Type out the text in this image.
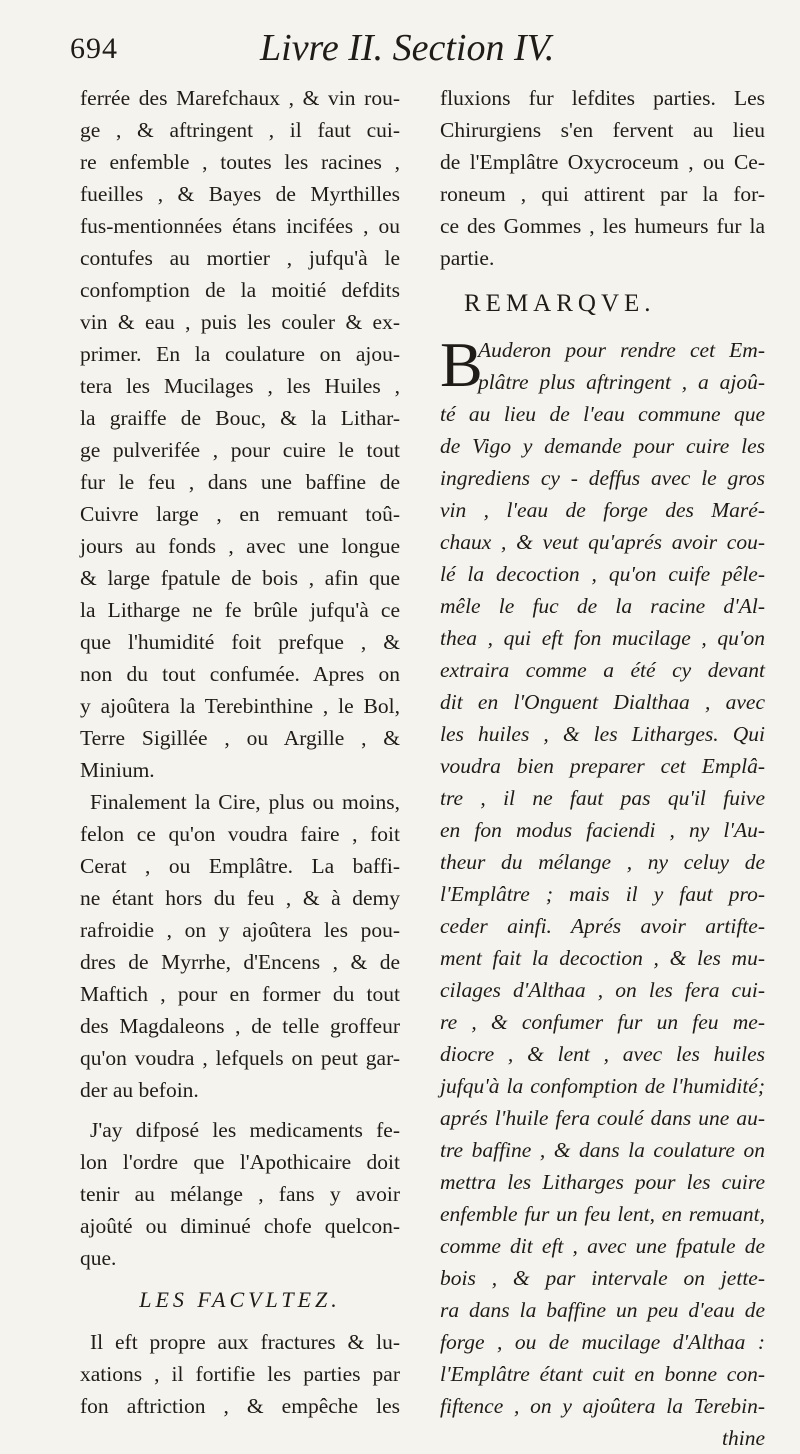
694	Livre II. Section IV.
ferrée des Marefchaux , & vin rou-
ge , & aftringent , il faut cui-
re enfemble , toutes les racines ,
fueilles , & Bayes de Myrthilles
fus-mentionnées étans incifées , ou
contufes au mortier , jufqu'à le
confomption de la moitié defdits
vin & eau , puis les couler & ex-
primer. En la coulature on ajou-
tera les Mucilages , les Huiles ,
la graiffe de Bouc, & la Lithar-
ge pulverifée , pour cuire le tout
fur le feu , dans une baffine de
Cuivre large , en remuant toû-
jours au fonds , avec une longue
& large fpatule de bois , afin que
la Litharge ne fe brûle jufqu'à ce
que l'humidité foit prefque , &
non du tout confumée. Apres on
y ajoûtera la Terebinthine , le Bol,
Terre Sigillée , ou Argille , &
Minium.
Finalement la Cire, plus ou moins,
felon ce qu'on voudra faire , foit
Cerat , ou Emplâtre. La baffi-
ne étant hors du feu , & à demy
rafroidie , on y ajoûtera les pou-
dres de Myrrhe, d'Encens , & de
Maftich , pour en former du tout
des Magdaleons , de telle groffeur
qu'on voudra , lefquels on peut gar-
der au befoin.
J'ay difposé les medicaments fe-
lon l'ordre que l'Apothicaire doit
tenir au mélange , fans y avoir
ajoûté ou diminué chofe quelcon-
que.
LES FACVLTEZ.
Il eft propre aux fractures & lu-
xations , il fortifie les parties par
fon aftriction , & empêche les
fluxions fur lefdites parties. Les
Chirurgiens s'en fervent au lieu
de l'Emplâtre Oxycroceum , ou Ce-
roneum , qui attirent par la for-
ce des Gommes , les humeurs fur la
partie.
REMARQVE.
B
Auderon pour rendre cet Em-
plâtre plus aftringent , a ajoû-
té au lieu de l'eau commune que
de Vigo y demande pour cuire les
ingrediens cy - deffus avec le gros
vin , l'eau de forge des Maré-
chaux , & veut qu'aprés avoir cou-
lé la decoction , qu'on cuife pêle-
mêle le fuc de la racine d'Al-
thea , qui eft fon mucilage , qu'on
extraira comme a été cy devant
dit en l'Onguent Dialthaa , avec
les huiles , & les Litharges. Qui
voudra bien preparer cet Emplâ-
tre , il ne faut pas qu'il fuive
en fon modus faciendi , ny l'Au-
theur du mélange , ny celuy de
l'Emplâtre ; mais il y faut pro-
ceder ainfi. Aprés avoir artifte-
ment fait la decoction , & les mu-
cilages d'Althaa , on les fera cui-
re , & confumer fur un feu me-
diocre , & lent , avec les huiles
jufqu'à la confomption de l'humidité;
aprés l'huile fera coulé dans une au-
tre baffine , & dans la coulature on
mettra les Litharges pour les cuire
enfemble fur un feu lent, en remuant,
comme dit eft , avec une fpatule de
bois , & par intervale on jette-
ra dans la baffine un peu d'eau de
forge , ou de mucilage d'Althaa :
l'Emplâtre étant cuit en bonne con-
fiftence , on y ajoûtera la Terebin-
thine
